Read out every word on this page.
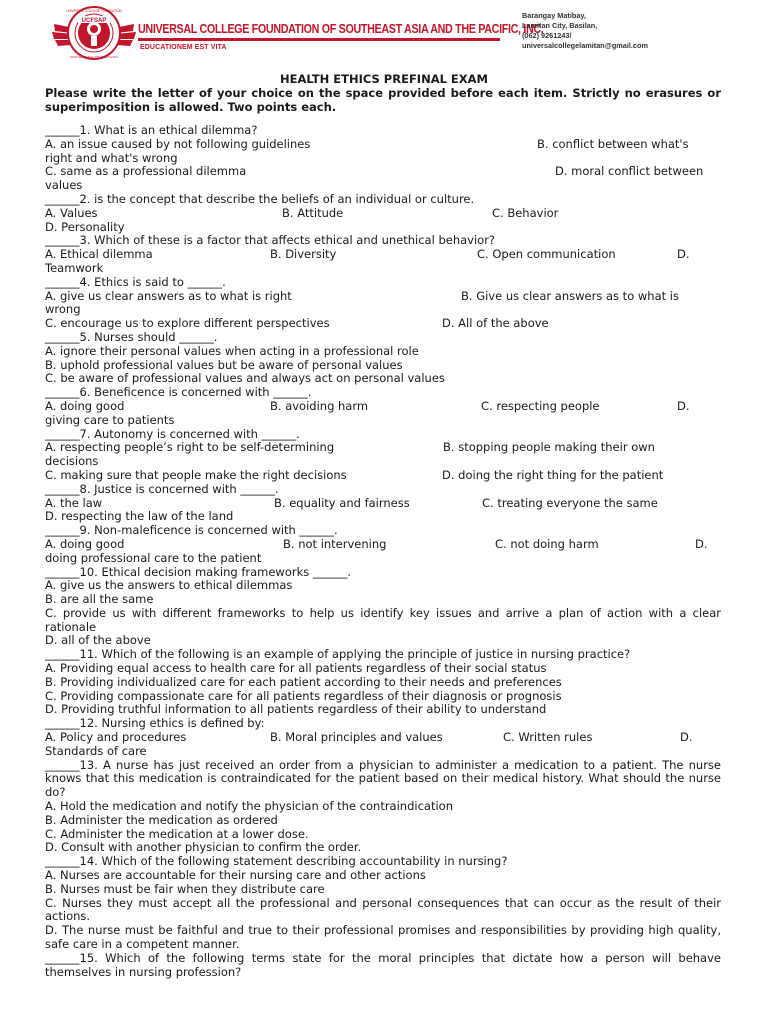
UCFSAP
UNIVERSAL COLLEGE FOUNDATION
SOUTHEAST ASIA AND THE PACIFIC
UNIVERSAL COLLEGE FOUNDATION OF SOUTHEAST ASIA AND THE PACIFIC, INC.
EDUCATIONEM EST VITA
Barangay Matibay,
Lamitan City, Basilan,
(062) 9261243/
universalcollegelamitan@gmail.com
HEALTH ETHICS PREFINAL EXAM
Please write the letter of your choice on the space provided before each item. Strictly no erasures or superimposition is allowed. Two points each.
______1. What is an ethical dilemma?
A. an issue caused by not following guidelines	B. conflict between what's
right and what's wrong
C. same as a professional dilemma	D. moral conflict between
values
______2. is the concept that describe the beliefs of an individual or culture.
A. Values	B. Attitude	C. Behavior
D. Personality
______3. Which of these is a factor that affects ethical and unethical behavior?
A. Ethical dilemma	B. Diversity	C. Open communication	D.
Teamwork
______4. Ethics is said to ______.
A. give us clear answers as to what is right	B. Give us clear answers as to what is
wrong
C. encourage us to explore different perspectives	D. All of the above
______5. Nurses should ______.
A. ignore their personal values when acting in a professional role
B. uphold professional values but be aware of personal values
C. be aware of professional values and always act on personal values
______6. Beneficence is concerned with ______.
A. doing good	B. avoiding harm	C. respecting people	D.
giving care to patients
______7. Autonomy is concerned with ______.
A. respecting people’s right to be self-determining	B. stopping people making their own
decisions
C. making sure that people make the right decisions	D. doing the right thing for the patient
______8. Justice is concerned with ______.
A. the law	B. equality and fairness	C. treating everyone the same
D. respecting the law of the land
______9. Non-maleficence is concerned with ______.
A. doing good	B. not intervening	C. not doing harm	D.
doing professional care to the patient
______10. Ethical decision making frameworks ______.
A. give us the answers to ethical dilemmas
B. are all the same
C. provide us with different frameworks to help us identify key issues and arrive a plan of action with a clear rationale
D. all of the above
______11. Which of the following is an example of applying the principle of justice in nursing practice?
A. Providing equal access to health care for all patients regardless of their social status
B. Providing individualized care for each patient according to their needs and preferences
C. Providing compassionate care for all patients regardless of their diagnosis or prognosis
D. Providing truthful information to all patients regardless of their ability to understand
______12. Nursing ethics is defined by:
A. Policy and procedures	B. Moral principles and values	C. Written rules	D.
Standards of care
______13. A nurse has just received an order from a physician to administer a medication to a patient. The nurse knows that this medication is contraindicated for the patient based on their medical history. What should the nurse do?
A. Hold the medication and notify the physician of the contraindication
B. Administer the medication as ordered
C. Administer the medication at a lower dose.
D. Consult with another physician to confirm the order.
______14. Which of the following statement describing accountability in nursing?
A. Nurses are accountable for their nursing care and other actions
B. Nurses must be fair when they distribute care
C. Nurses they must accept all the professional and personal consequences that can occur as the result of their actions.
D. The nurse must be faithful and true to their professional promises and responsibilities by providing high quality, safe care in a competent manner.
______15. Which of the following terms state for the moral principles that dictate how a person will behave themselves in nursing profession?
